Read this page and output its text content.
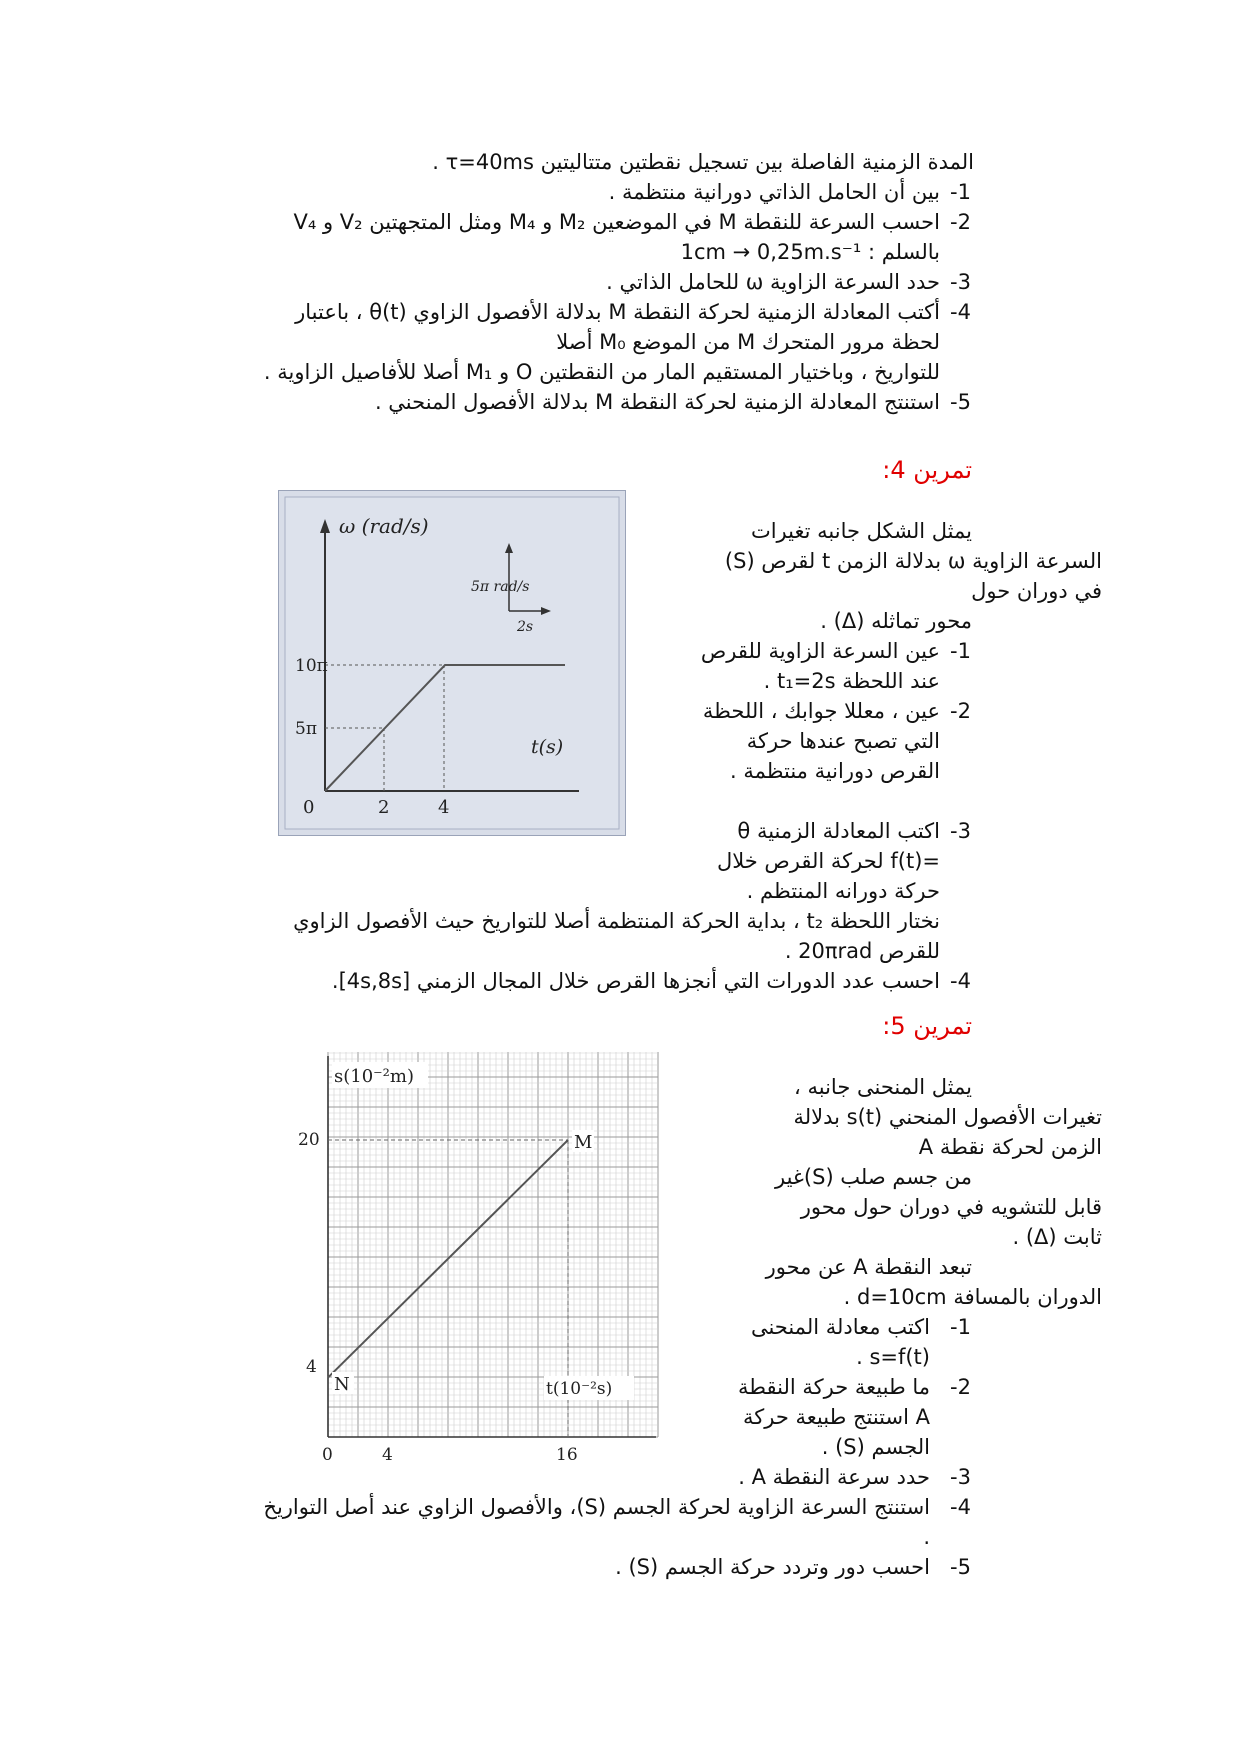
المدة الزمنية الفاصلة بين تسجيل نقطتين متتاليتين τ=40ms .
-1
بين أن الحامل الذاتي دورانية منتظمة .
-2
احسب السرعة للنقطة M في الموضعين M₂ و M₄ ومثل المتجهتين V₂ و V₄
بالسلم : 1cm → 0,25m.s⁻¹
-3
حدد السرعة الزاوية ω للحامل الذاتي .
-4
أكتب المعادلة الزمنية لحركة النقطة M بدلالة الأفصول الزاوي θ(t) ، باعتبار
لحظة مرور المتحرك M من الموضع M₀ أصلا
للتواريخ ، وباختيار المستقيم المار من النقطتين O و M₁ أصلا للأفاصيل الزاوية .
-5
استنتج المعادلة الزمنية لحركة النقطة M بدلالة الأفصول المنحني .
تمرين 4:
يمثل الشكل جانبه تغيرات
السرعة الزاوية ω بدلالة الزمن t لقرص (S)
في دوران حول
محور تماثله (Δ) .
-1
عين السرعة الزاوية للقرص
عند اللحظة t₁=2s .
-2
عين ، معللا جوابك ، اللحظة
التي تصبح عندها حركة
القرص دورانية منتظمة .
-3
اكتب المعادلة الزمنية θ
=f(t) لحركة القرص خلال
حركة دورانه المنتظم .
نختار اللحظة t₂ ، بداية الحركة المنتظمة أصلا للتواريخ حيث الأفصول الزاوي
للقرص 20πrad .
-4
احسب عدد الدورات التي أنجزها القرص خلال المجال الزمني [4s,8s].
ω (rad/s)
5π rad/s
2s
10π
5π
t(s)
0	2	4
تمرين 5:
يمثل المنحنى جانبه ،
تغيرات الأفصول المنحني s(t) بدلالة
الزمن لحركة نقطة A
من جسم صلب (S)غير
قابل للتشويه في دوران حول محور
ثابت (Δ) .
تبعد النقطة A عن محور
الدوران بالمسافة d=10cm .
-1
اكتب معادلة المنحنى
s=f(t) .
-2
ما طبيعة حركة النقطة
A استنتج طبيعة حركة
الجسم (S) .
-3
حدد سرعة النقطة A .
-4
استنتج السرعة الزاوية لحركة الجسم (S)، والأفصول الزاوي عند أصل التواريخ
.
-5
احسب دور وتردد حركة الجسم (S) .
s(10⁻²m)
20
4
M
N	t(10⁻²s)
0	4	16
